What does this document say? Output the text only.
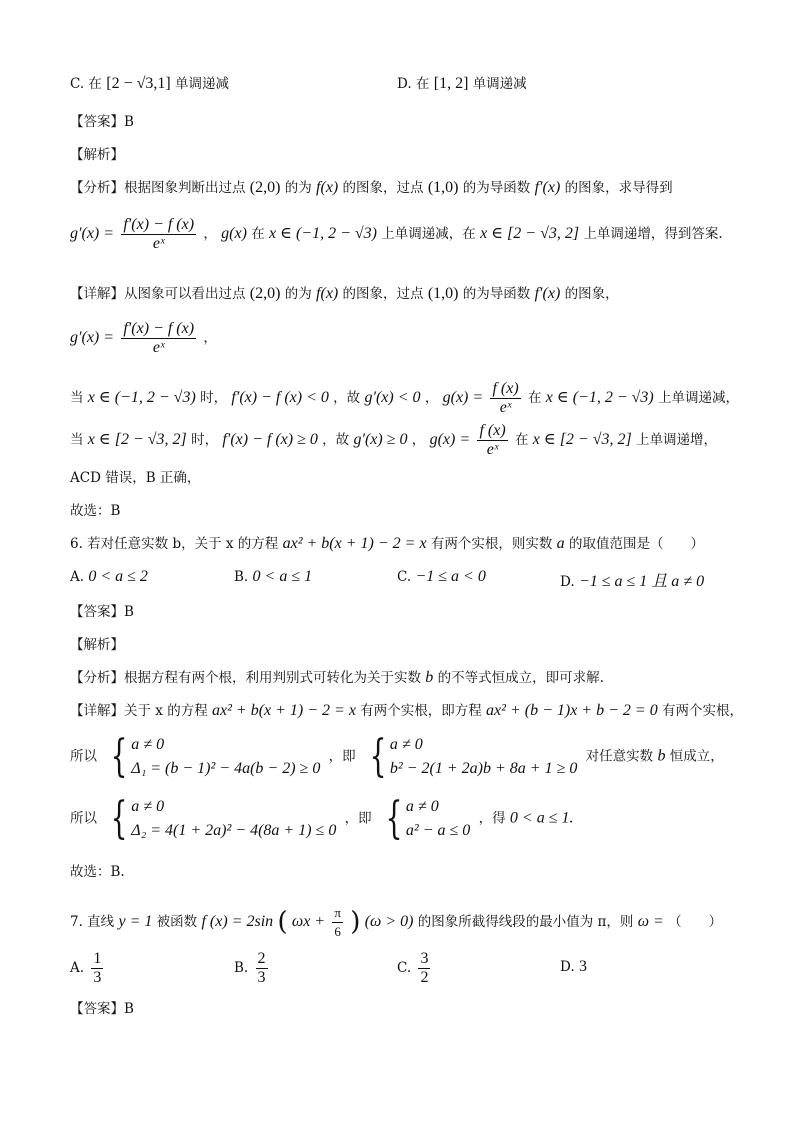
C. 在 [2 − √3,1] 单调递减	D. 在 [1, 2] 单调递减
【答案】B
【解析】
【分析】根据图象判断出过点 (2,0) 的为 f(x) 的图象，过点 (1,0) 的为导函数 f′(x) 的图象，求导得到
$g'(x) = \frac{f'(x) - f (x)}{\text{eˣ}}$ ， g(x) 在 x ∈ (−1, 2 − √3) 上单调递减，在 x ∈ [2 − √3, 2] 上单调递增，得到答案.
【详解】从图象可以看出过点 (2,0) 的为 f(x) 的图象，过点 (1,0) 的为导函数 f′(x) 的图象，
$g'(x) = \frac{f'(x) - f (x)}{\text{eˣ}}$ ，
当 x ∈ (−1, 2 − √3) 时， f′(x) − f (x) < 0 ，故 g′(x) < 0 ， $g(x) = \frac{f (x)}{\text{eˣ}}$ 在 x ∈ (−1, 2 − √3) 上单调递减，
当 x ∈ [2 − √3, 2] 时， f′(x) − f (x) ≥ 0 ，故 g′(x) ≥ 0 ， $g(x) = \frac{f (x)}{\text{eˣ}}$ 在 x ∈ [2 − √3, 2] 上单调递增，
ACD 错误，B 正确，
故选：B
6. 若对任意实数 b，关于 x 的方程 ax² + b(x + 1) − 2 = x 有两个实根，则实数 a 的取值范围是（　　）
A. 0 < a ≤ 2	B. 0 < a ≤ 1	C. −1 ≤ a < 0	D. −1 ≤ a ≤ 1 且 a ≠ 0
【答案】B
【解析】
【分析】根据方程有两个根，利用判别式可转化为关于实数 b 的不等式恒成立，即可求解.
【详解】关于 x 的方程 ax² + b(x + 1) − 2 = x 有两个实根，即方程 ax² + (b − 1)x + b − 2 = 0 有两个实根，
所以 { a ≠ 0
Δ₁ = (b − 1)² − 4a(b − 2) ≥ 0
，即 { a ≠ 0
b² − 2(1 + 2a)b + 8a + 1 ≥ 0
对任意实数 b 恒成立，
所以 { a ≠ 0
Δ₂ = 4(1 + 2a)² − 4(8a + 1) ≤ 0
，即 { a ≠ 0
a² − a ≤ 0
，得 0 < a ≤ 1.
故选：B.
7. 直线 y = 1 被函数 f (x) = 2sin ( $\omega x + \frac{\pi}{6}$ ) (ω > 0) 的图象所截得线段的最小值为 π，则 ω = （　　）
A. $\frac{1}{3}$	B. $\frac{2}{3}$	C. $\frac{3}{2}$	D. 3
【答案】B
